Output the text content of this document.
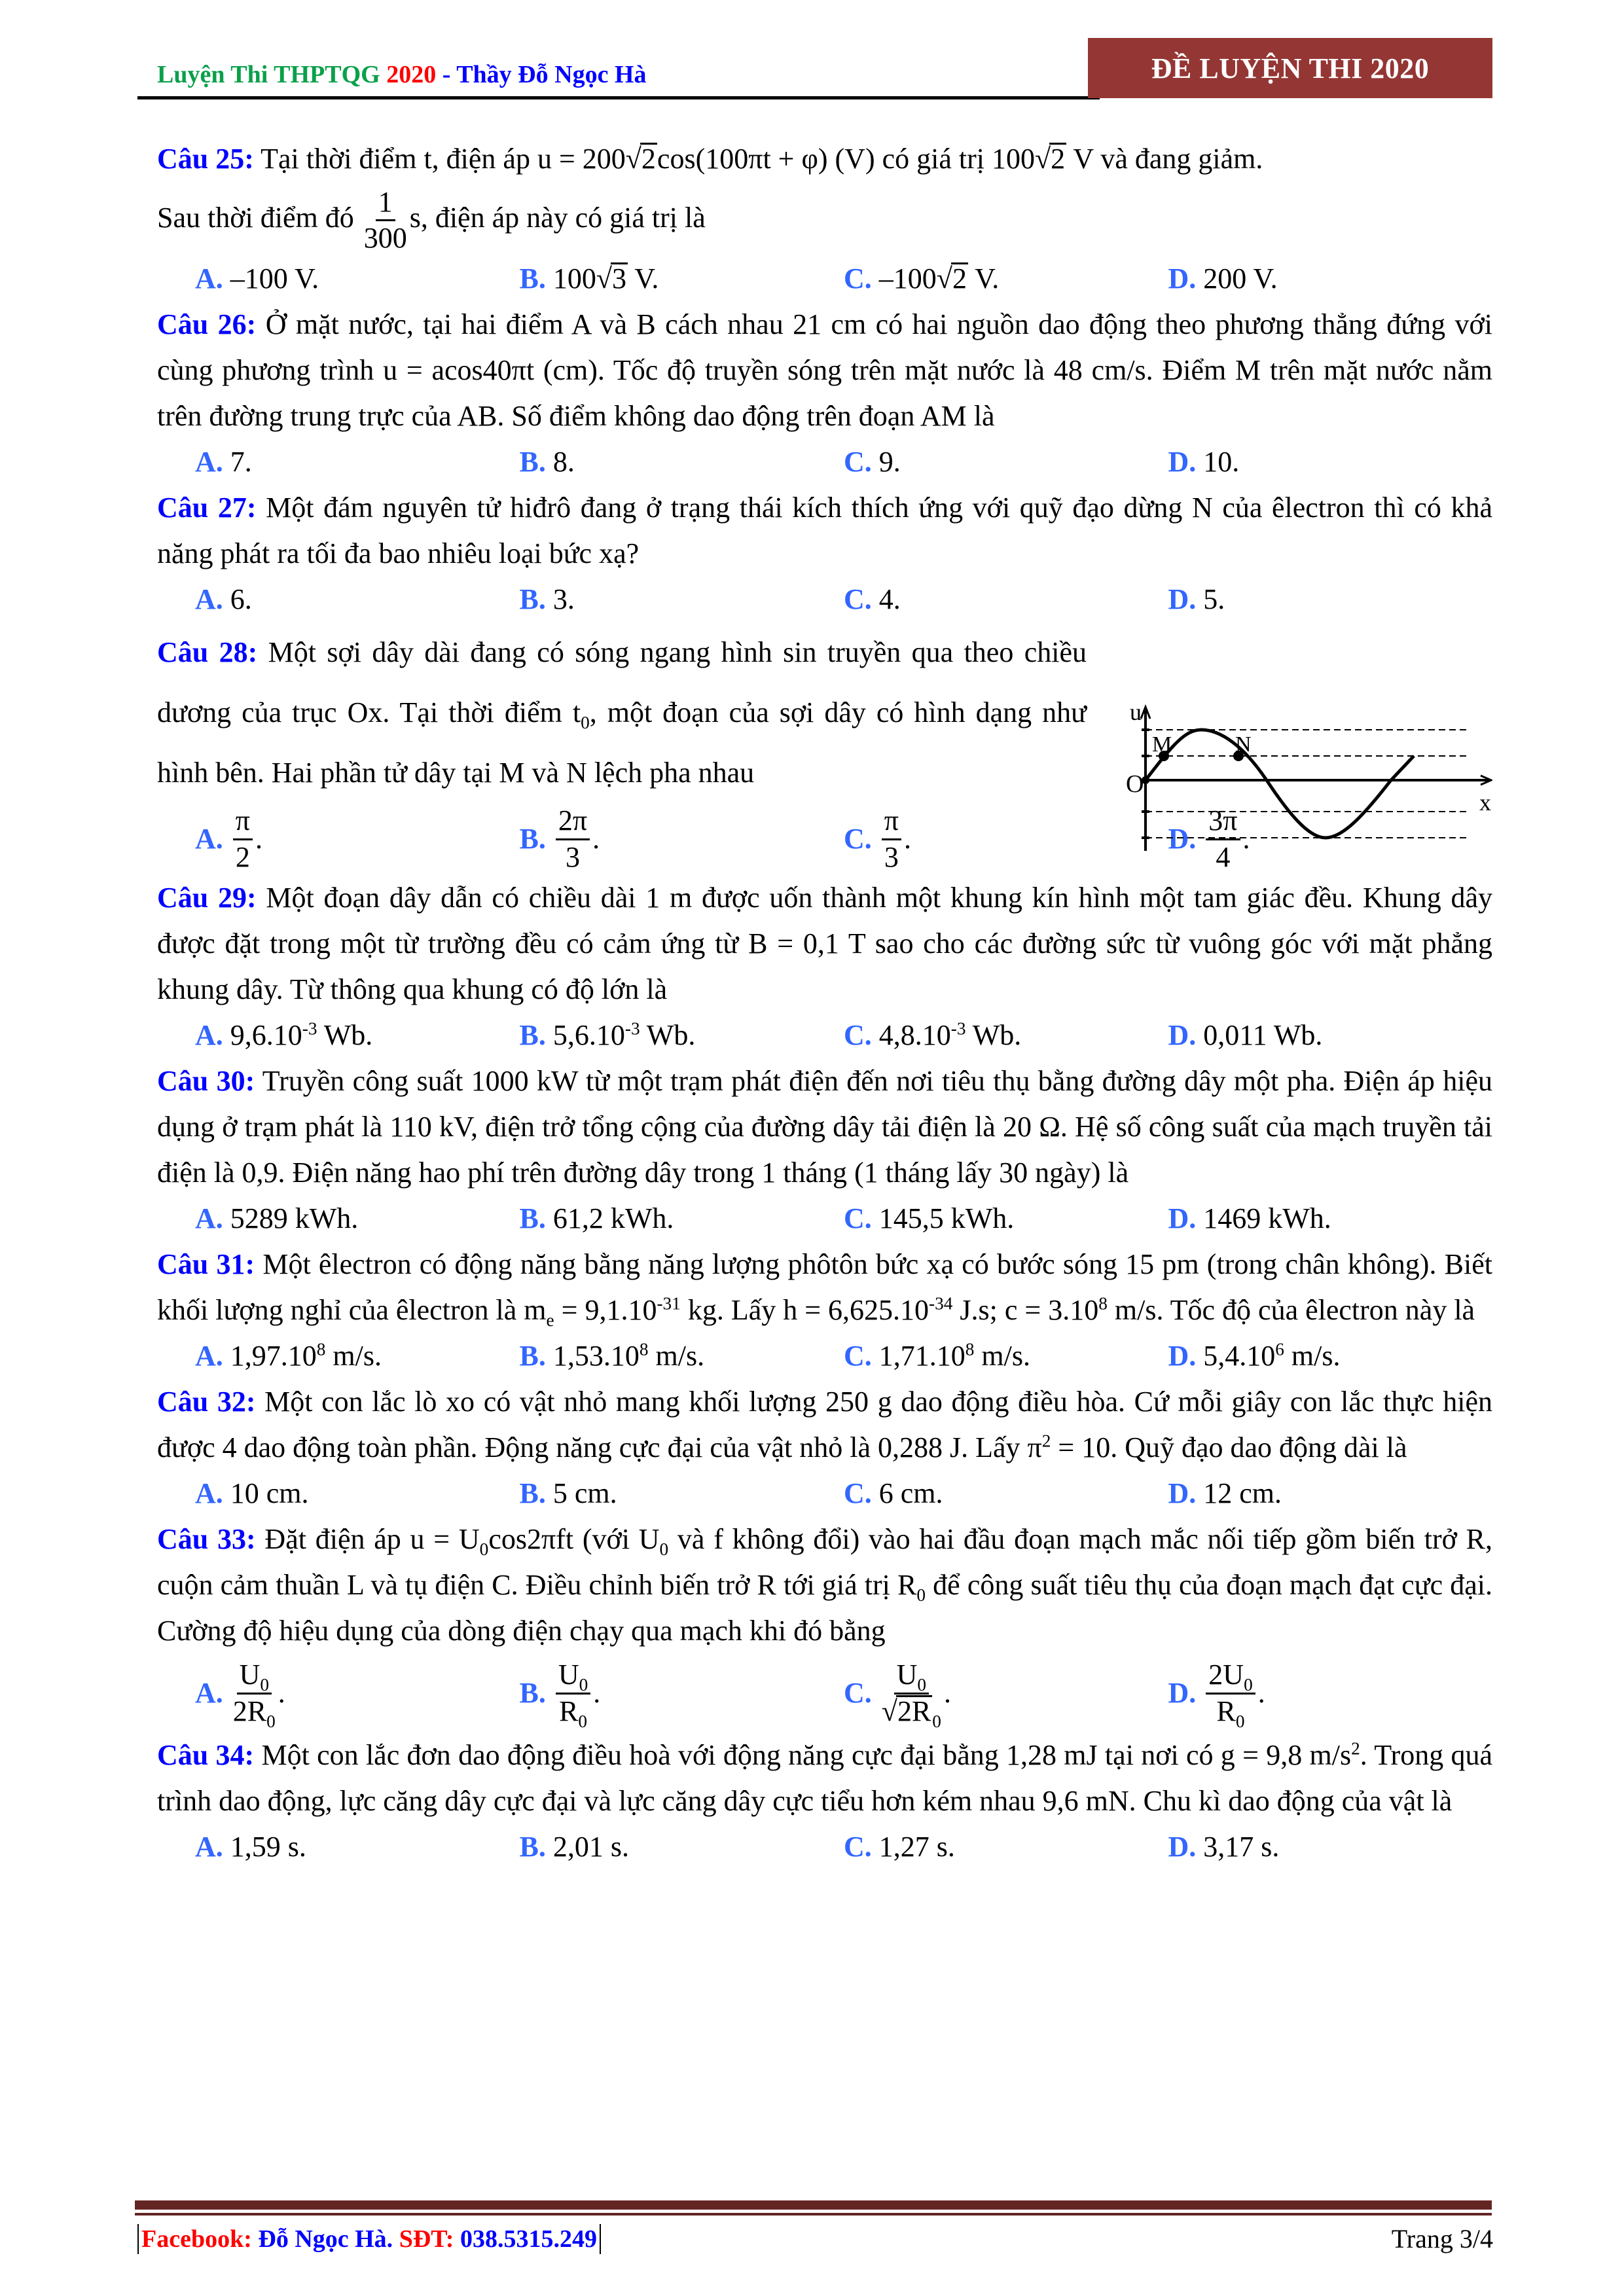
Luyện Thi THPTQG 2020 - Thầy Đỗ Ngọc Hà	ĐỀ LUYỆN THI 2020

Câu 25: Tại thời điểm t, điện áp u = 200√2cos(100πt + φ) (V) có giá trị 100√2 V và đang giảm.

Sau thời điểm đó $\frac{1}{300} s$, điện áp này có giá trị là

A. –100 V.	B. 100√3 V.	C. –100√2 V.	D. 200 V.

Câu 26: Ở mặt nước, tại hai điểm A và B cách nhau 21 cm có hai nguồn dao động theo phương thẳng đứng với cùng phương trình u = acos40πt (cm). Tốc độ truyền sóng trên mặt nước là 48 cm/s. Điểm M trên mặt nước nằm trên đường trung trực của AB. Số điểm không dao động trên đoạn AM là

A. 7.	B. 8.	C. 9.	D. 10.

Câu 27: Một đám nguyên tử hiđrô đang ở trạng thái kích thích ứng với quỹ đạo dừng N của êlectron thì có khả năng phát ra tối đa bao nhiêu loại bức xạ?

A. 6.	B. 3.	C. 4.	D. 5.

Câu 28: Một sợi dây dài đang có sóng ngang hình sin truyền qua theo chiều dương của trục Ox. Tại thời điểm $t_0$, một đoạn của sợi dây có hình dạng như hình bên. Hai phần tử dây tại M và N lệch pha nhau

A.
$\frac{\pi}{2}$ .	B.
$\frac{2\pi}{3}$ .	C.
$\frac{\pi}{3}$ .	D.
$\frac{3\pi}{4}$ .

Câu 29: Một đoạn dây dẫn có chiều dài 1 m được uốn thành một khung kín hình một tam giác đều. Khung dây được đặt trong một từ trường đều có cảm ứng từ B = 0,1 T sao cho các đường sức từ vuông góc với mặt phẳng khung dây. Từ thông qua khung có độ lớn là

A. $9,6.10^{-3}$ Wb.	B. $5,6.10^{-3}$ Wb.	C. $4,8.10^{-3}$ Wb.	D. 0,011 Wb.

Câu 30: Truyền công suất 1000 kW từ một trạm phát điện đến nơi tiêu thụ bằng đường dây một pha. Điện áp hiệu dụng ở trạm phát là 110 kV, điện trở tổng cộng của đường dây tải điện là 20 Ω. Hệ số công suất của mạch truyền tải điện là 0,9. Điện năng hao phí trên đường dây trong 1 tháng (1 tháng lấy 30 ngày) là

A. 5289 kWh.	B. 61,2 kWh.	C. 145,5 kWh.	D. 1469 kWh.

Câu 31: Một êlectron có động năng bằng năng lượng phôtôn bức xạ có bước sóng 15 pm (trong chân không). Biết khối lượng nghỉ của êlectron là $m_e = 9,1.10^{-31}$ kg. Lấy $h = 6,625.10^{-34}$ J.s; $c = 3.10^8$ m/s. Tốc độ của êlectron này là

A. 1,97.10$^8$ m/s.	B. 1,53.10$^8$ m/s.	C. 1,71.10$^8$ m/s.	D. 5,4.10$^6$ m/s.

Câu 32: Một con lắc lò xo có vật nhỏ mang khối lượng 250 g dao động điều hòa. Cứ mỗi giây con lắc thực hiện được 4 dao động toàn phần. Động năng cực đại của vật nhỏ là 0,288 J. Lấy $\pi^2 = 10$. Quỹ đạo dao động dài là

A. 10 cm.	B. 5 cm.	C. 6 cm.	D. 12 cm.

Câu 33: Đặt điện áp $u = U_0\cos 2\pi ft$ (với $U_0$ và f không đổi) vào hai đầu đoạn mạch mắc nối tiếp gồm biến trở R, cuộn cảm thuần L và tụ điện C. Điều chỉnh biến trở R tới giá trị $R_0$ để công suất tiêu thụ của đoạn mạch đạt cực đại. Cường độ hiệu dụng của dòng điện chạy qua mạch khi đó bằng

A.
$\frac{U_0}{2R_0}$ .	B.
$\frac{U_0}{R_0}$ .	C.
$\frac{U_0}{√2R_0}$ .	D.
$\frac{2U_0}{R_0}$ .

Câu 34: Một con lắc đơn dao động điều hoà với động năng cực đại bằng 1,28 mJ tại nơi có g = 9,8 $m/s^2$. Trong quá trình dao động, lực căng dây cực đại và lực căng dây cực tiểu hơn kém nhau 9,6 mN. Chu kì dao động của vật là

A. 1,59 s.	B. 2,01 s.	C. 1,27 s.	D. 3,17 s.
u
x
O
M	N
Facebook: Đỗ Ngọc Hà. SĐT: 038.5315.249	Trang 3/4
